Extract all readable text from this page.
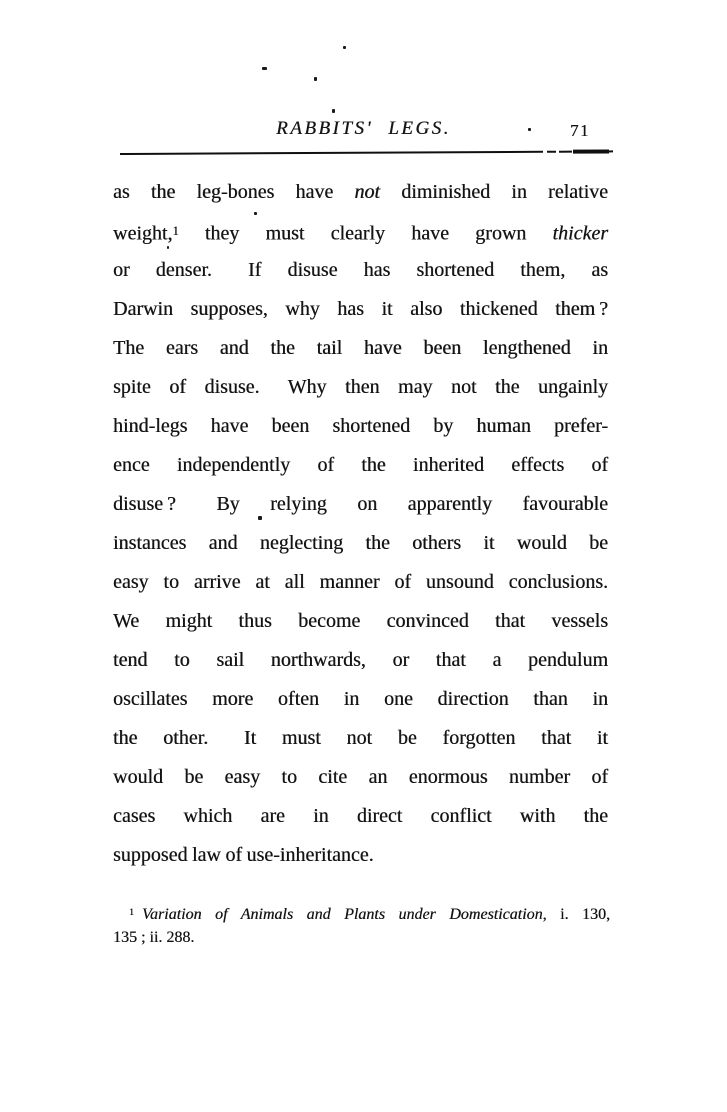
RABBITS' LEGS.	71
as the leg-bones have not diminished in relative
weight,$^1$ they must clearly have grown thicker
or denser.  If disuse has shortened them, as
Darwin supposes, why has it also thickened them ?
The ears and the tail have been lengthened in
spite of disuse.  Why then may not the ungainly
hind-legs have been shortened by human prefer-
ence independently of the inherited effects of
disuse ?  By relying on apparently favourable
instances and neglecting the others it would be
easy to arrive at all manner of unsound conclusions.
We might thus become convinced that vessels
tend to sail northwards, or that a pendulum
oscillates more often in one direction than in
the other.  It must not be forgotten that it
would be easy to cite an enormous number of
cases which are in direct conflict with the
supposed law of use-inheritance.
$^1$  Variation of Animals and Plants under Domestication, i. 130,
135 ; ii. 288.
